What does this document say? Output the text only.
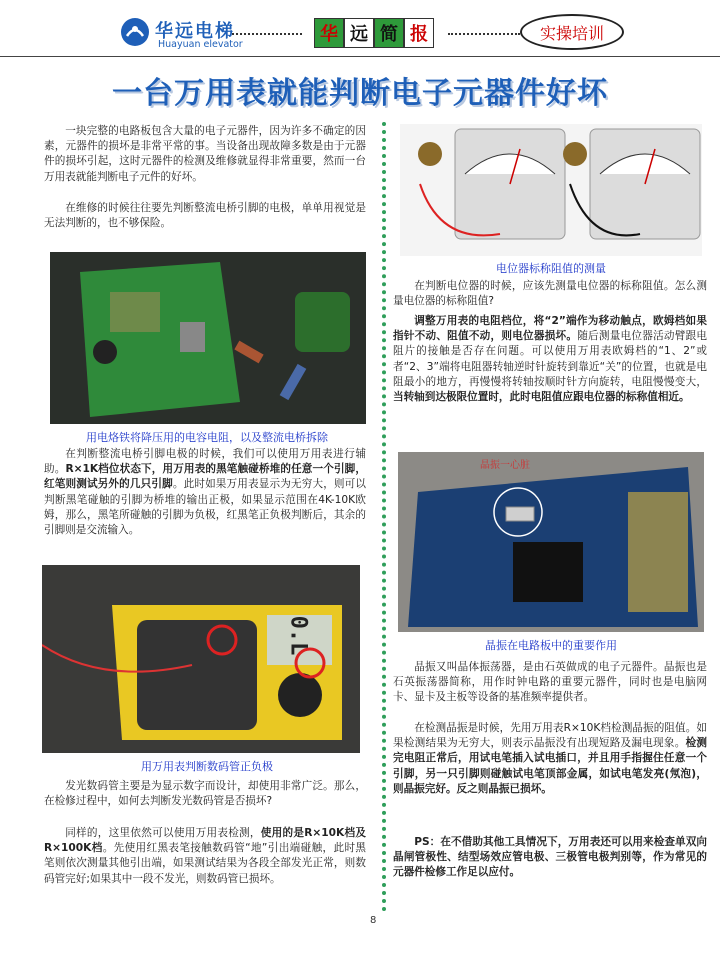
华远电梯
Huayuan elevator	华 远 简 报	实操培训
一台万用表就能判断电子元器件好坏

一块完整的电路板包含大量的电子元器件，因为许多不确定的因素，元器件的损坏是非常平常的事。当设备出现故障多数是由于元器件的损坏引起，这时元器件的检测及维修就显得非常重要，然而一台万用表就能判断电子元件的好坏。

在维修的时候往往要先判断整流电桥引脚的电极，单单用视觉是无法判断的，也不够保险。

用电烙铁将降压用的电容电阻，以及整流电桥拆除

在判断整流电桥引脚电极的时候，我们可以使用万用表进行辅助。R×1K档位状态下，用万用表的黑笔触碰桥堆的任意一个引脚，红笔则测试另外的几只引脚。此时如果万用表显示为无穷大，则可以判断黑笔碰触的引脚为桥堆的输出正极，如果显示范围在4K-10K欧姆，那么，黑笔所碰触的引脚为负极，红黑笔正负极判断后，其余的引脚则是交流输入。

0.L
用万用表判断数码管正负极

发光数码管主要是为显示数字而设计，却使用非常广泛。那么，在检修过程中，如何去判断发光数码管是否损坏?

同样的，这里依然可以使用万用表检测，使用的是R×10K档及R×100K档。先使用红黑表笔接触数码管“地”引出端碰触，此时黑笔则依次测量其他引出端，如果测试结果为各段全部发光正常，则数码管完好;如果其中一段不发光，则数码管已损坏。

电位器标称阻值的测量

在判断电位器的时候，应该先测量电位器的标称阻值。怎么测量电位器的标称阻值?

调整万用表的电阻档位，将“2”端作为移动触点，欧姆档如果指针不动、阻值不动，则电位器损坏。随后测量电位器活动臂跟电阻片的接触是否存在问题。可以使用万用表欧姆档的“1、2”或者“2、3”端将电阻器转轴逆时针旋转到靠近“关”的位置，也就是电阻最小的地方，再慢慢将转轴按顺时针方向旋转，电阻慢慢变大，当转轴到达极限位置时，此时电阻值应跟电位器的标称值相近。

晶振一心脏
晶振在电路板中的重要作用

晶振又叫晶体振荡器，是由石英做成的电子元器件。晶振也是石英振荡器简称，用作时钟电路的重要元器件，同时也是电脑网卡、显卡及主板等设备的基准频率提供者。

在检测晶振是时候，先用万用表R×10K档检测晶振的阻值。如果检测结果为无穷大，则表示晶振没有出现短路及漏电现象。检测完电阻正常后，用试电笔插入试电插口，并且用手指握住任意一个引脚，另一只引脚则碰触试电笔顶部金属，如试电笔发亮(氖泡)，则晶振完好。反之则晶振已损坏。

PS：在不借助其他工具情况下，万用表还可以用来检查单双向晶闸管极性、结型场效应管电极、三极管电极判别等，作为常见的元器件检修工作足以应付。

8
